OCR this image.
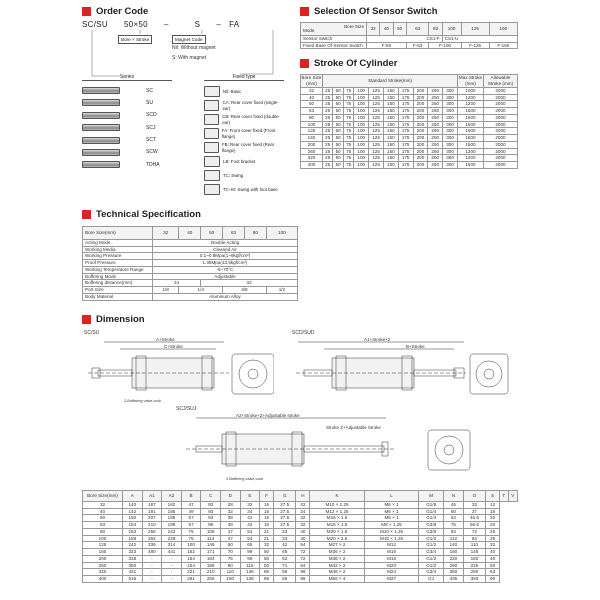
Order Code
SC/SU 50×50 –	S – FA
Bore × Stroke	Magnet Code
Nil: Without magnet
S: With magnet
Series
SC
SU
SCD
SCJ
SCT
SCW
TDHA
Fixed type
Nil: Basic
CA: Rear cover fixed (single-ear)
CB: Rear cover fixed (double-ear)
FA: Front cover fixed (Front flange)
FB: Rear cover fixed (Rear flange)
LB: Foot bracket
TC: Swing
TC–M: Swing with foot base
Selection Of Sensor Switch
Bore Size
Mode	32	40	50	63	80	100	125	160
Sensor Switch	CS1-F					CS1-U		
Fixed Base Of Sensor Switch	F-50			F-63	F-100		F-125	F-160
Stroke Of Cylinder
Bore Size (mm)	Standard Stroke(mm)										Max.Stroke (mm)	Allowable Stroke (mm)
32	25	50	75	100	125	150	175	200	250	300	1000	2000
40	25	50	75	100	125	150	175	200	250	300	1200	2000
50	25	50	75	100	125	150	175	200	250	300	1200	2000
63	25	50	75	100	125	150	175	200	250	300	1500	2000
80	25	50	75	100	125	150	175	200	250	300	1500	2000
100	25	50	75	100	125	150	175	200	250	300	1500	2000
125	25	50	75	100	125	150	175	200	250	300	1500	2000
160	25	50	75	100	125	150	175	200	250	300	1500	2000
200	25	50	75	100	125	150	175	200	250	300	1500	2000
250	25	50	75	100	125	150	175	200	250	300	1200	2000
320	25	50	75	100	125	150	175	200	250	300	1200	2000
400	25	50	75	100	125	150	175	200	250	300	1500	2000
Technical Specification
Bore Size(mm)	32	40	50	63	80	100
Acting Mode	Double Acting					
Working Media	Cleaned Air					
Working Pressure	0.1~0.9Mpa(1~9kgf/cm²)					
Proof Pressure	1.35Mpa(13.5kgf/cm²)					
Working Temperature Range	-5~70°C					
Buffering Mode	Adjustable					
Buffering distance(mm)	24		32			
Port Size	1/8	1/4		3/8		1/2
Body Material	Aluminum Alloy					
Dimension
SC/SU	SCD/SUD
SCJ/SUJ
A+Stroke
C+Stroke
2-Buffering valve,cock
A1+Stroke×2
B+Stroke
A2+Stroke+Z+Adjustable stroke
Stroke Z+Adjustable Stroke
2-Buffering valve,cock
Bore Size(mm)	A	A1	A2	B	C	D	E	F	G	H	K	L	M	N	O	S	T	V
32	140	187	182	47	93	28	32	15	27.5	22	M10 × 1.25	M6 × 1	G1/8	45	33	12		
40	142	191	185	49	93	32	34	15	27.5	24	M12 × 1.25	M6 × 1	G1/4	50	37	16		
50	150	207	196	57	93	38	42	15	27.5	32	M16 × 1.5	M6 × 1	G1/4	62	46.5	20		
63	153	210	199	57	96	38	42	15	27.5	32	M16 × 1.5	M8 × 1.25	G3/8	75	56.5	20		
80	183	258	243	75	108	47	54	21	33	40	M20 × 1.5	M10 × 1.25	G3/8	94	72	25		
100	189	264	249	75	114	47	54	21	33	40	M20 × 1.5	M10 × 1.25	G1/2	112	84	25		
125	242	339	314	100	146	60	65	32	42	54	M27 × 2	M12	G1/2	140	110	32		
160	323	480	441	152	171	70	99	50	65	72	M36 × 2	M16	G3/4	180	145	40		
200	338	-	-	154	184	75	99	50	52	72	M36 × 2	M16	G1/2	220	180	40		
250	350	-	-	154	196	80	115	50	71	84	M42 × 2	M20	G1/2	280	225	50		
320	431	-	-	221	210	110	136	85	56	96	M48 × 2	M24	G3/4	350	280	63		
400	516	-	-	261	255	150	136	85	56	96	M56 × 4	M27	G1	435	350	90		
